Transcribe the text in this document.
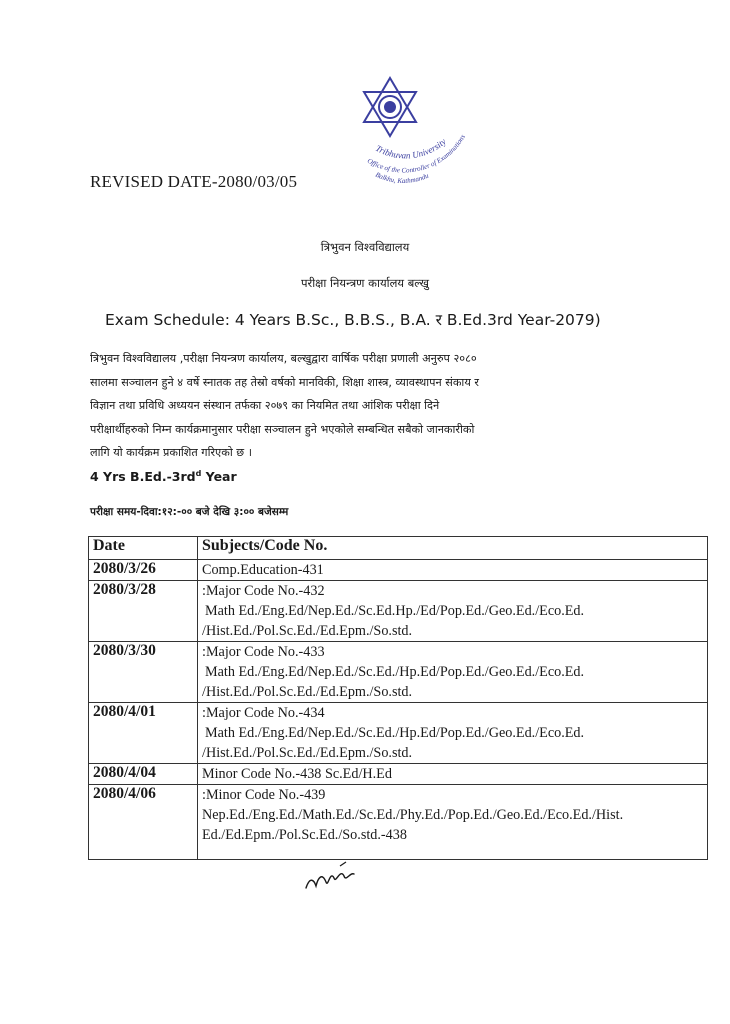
Tribhuvan University
Office of the Controller of Examinations
Balkhu, Kathmandu
REVISED DATE-2080/03/05
त्रिभुवन विश्वविद्यालय
परीक्षा नियन्त्रण कार्यालय बल्खु
Exam Schedule: 4 Years B.Sc., B.B.S., B.A. र B.Ed.3rd Year-2079)
त्रिभुवन विश्वविद्यालय ,परीक्षा नियन्त्रण कार्यालय, बल्खुद्वारा वार्षिक परीक्षा प्रणाली अनुरुप २०८०
सालमा सञ्चालन हुने ४ वर्षे स्नातक तह तेस्रो वर्षको मानविकी, शिक्षा शास्त्र, व्यावस्थापन संकाय र
विज्ञान तथा प्रविधि अध्ययन संस्थान तर्फका २०७९ का नियमित तथा आंशिक परीक्षा दिने
परीक्षार्थीहरुको निम्न कार्यक्रमानुसार परीक्षा सञ्चालन हुने भएकोले सम्बन्धित सबैको जानकारीको
लागि यो कार्यक्रम प्रकाशित गरिएको छ ।
4 Yrs $B.Ed.-3rd^d$ Year
परीक्षा समय-दिवा:१२:-०० बजे देखि ३:०० बजेसम्म
Date	Subjects/Code No.
2080/3/26	Comp.Education-431

2080/3/28	:Major Code No.-432
Math Ed./Eng.Ed/Nep.Ed./Sc.Ed.Hp./Ed/Pop.Ed./Geo.Ed./Eco.Ed.
/Hist.Ed./Pol.Sc.Ed./Ed.Epm./So.std.

2080/3/30	:Major Code No.-433
Math Ed./Eng.Ed/Nep.Ed./Sc.Ed./Hp.Ed/Pop.Ed./Geo.Ed./Eco.Ed.
/Hist.Ed./Pol.Sc.Ed./Ed.Epm./So.std.

2080/4/01	:Major Code No.-434
Math Ed./Eng.Ed/Nep.Ed./Sc.Ed./Hp.Ed/Pop.Ed./Geo.Ed./Eco.Ed.
/Hist.Ed./Pol.Sc.Ed./Ed.Epm./So.std.

2080/4/04	Minor Code No.-438 Sc.Ed/H.Ed

2080/4/06	:Minor Code No.-439
Nep.Ed./Eng.Ed./Math.Ed./Sc.Ed./Phy.Ed./Pop.Ed./Geo.Ed./Eco.Ed./Hist.
Ed./Ed.Epm./Pol.Sc.Ed./So.std.-438
